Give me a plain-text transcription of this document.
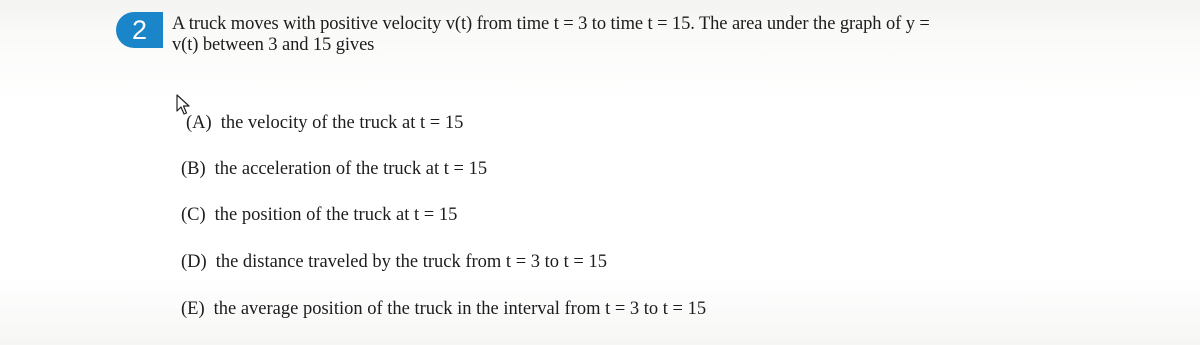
2	A truck moves with positive velocity v(t) from time t = 3 to time t = 15. The area under the graph of y =
v(t) between 3 and 15 gives
(A) the velocity of the truck at t = 15
(B) the acceleration of the truck at t = 15
(C) the position of the truck at t = 15
(D) the distance traveled by the truck from t = 3 to t = 15
(E) the average position of the truck in the interval from t = 3 to t = 15
